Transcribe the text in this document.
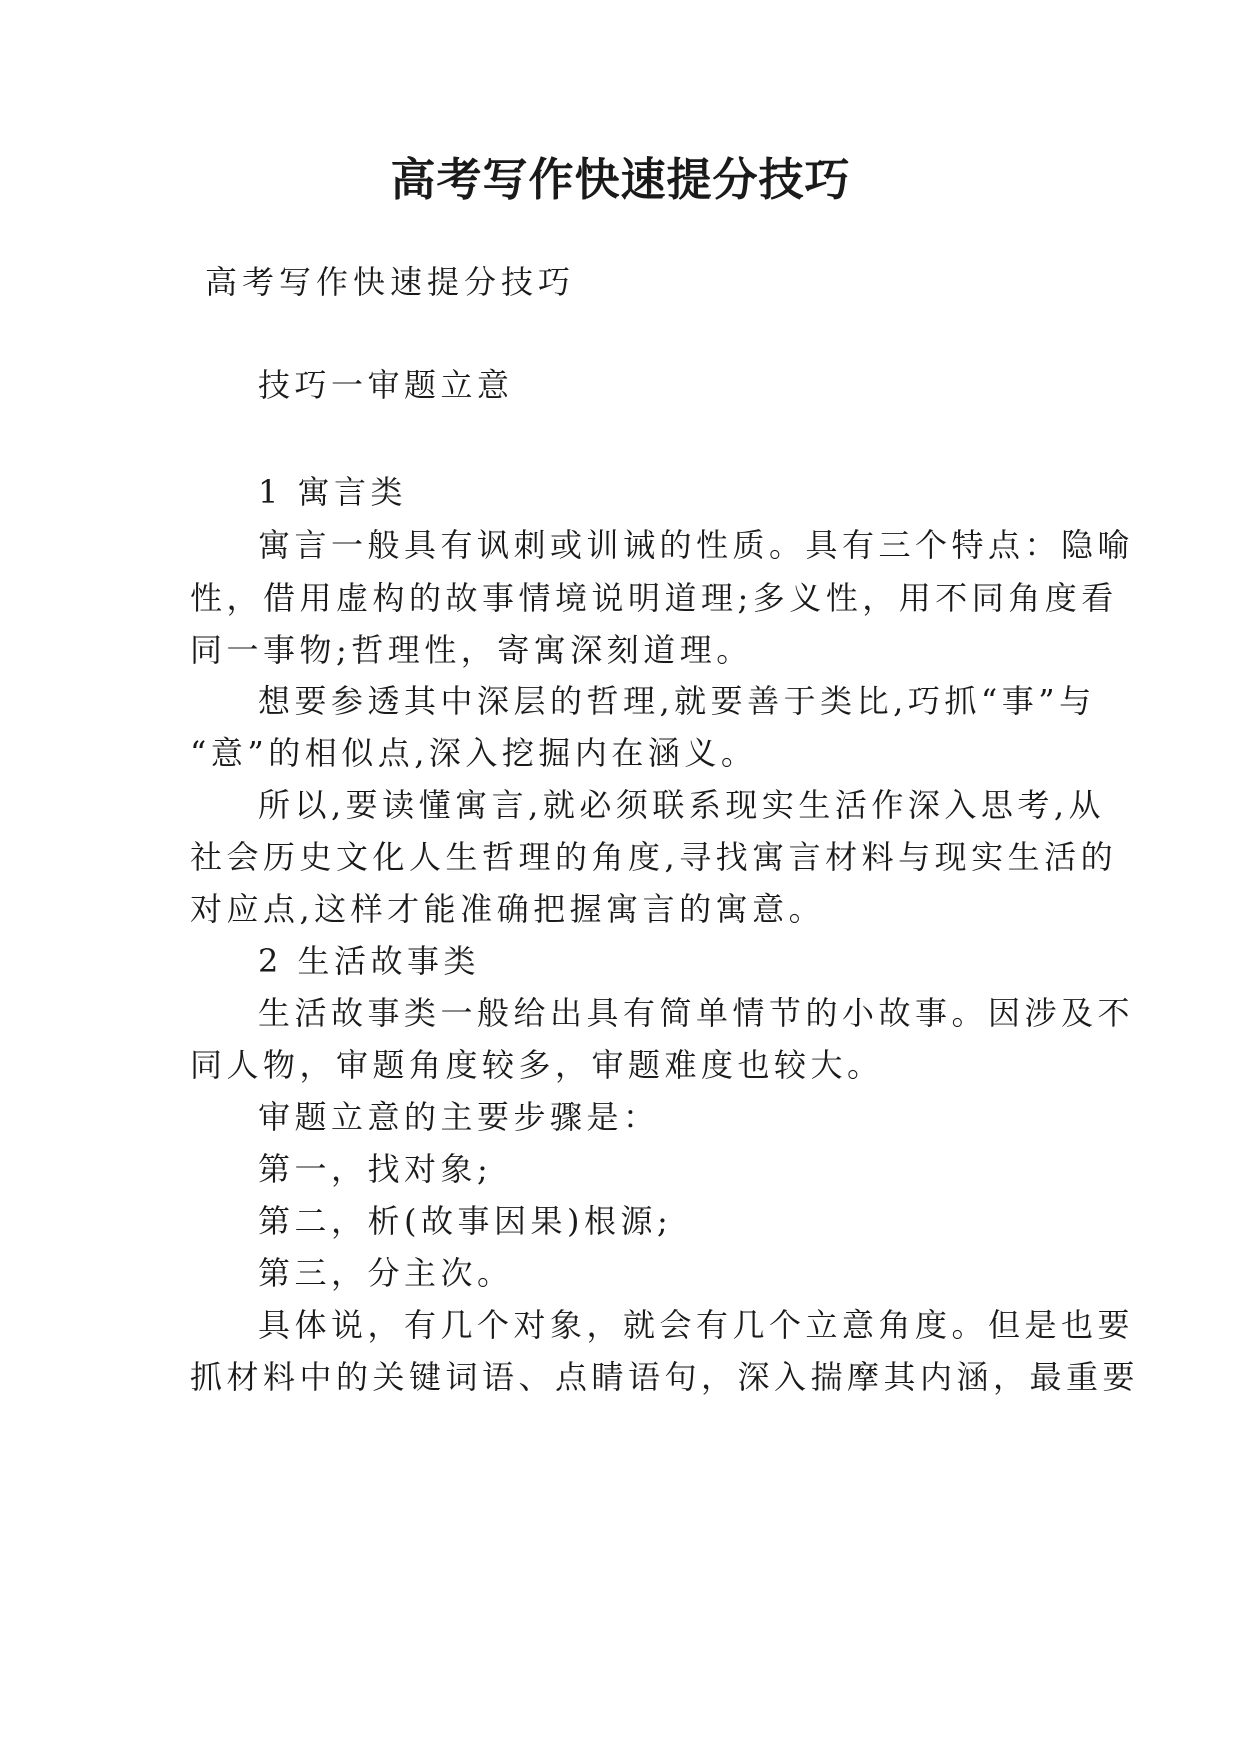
高考写作快速提分技巧

高考写作快速提分技巧

技巧一审题立意

1 寓言类

寓言一般具有讽刺或训诫的性质。具有三个特点：隐喻

性，借用虚构的故事情境说明道理;多义性，用不同角度看

同一事物;哲理性，寄寓深刻道理。

想要参透其中深层的哲理,就要善于类比,巧抓“事”与

“意”的相似点,深入挖掘内在涵义。

所以,要读懂寓言,就必须联系现实生活作深入思考,从

社会历史文化人生哲理的角度,寻找寓言材料与现实生活的

对应点,这样才能准确把握寓言的寓意。

2 生活故事类

生活故事类一般给出具有简单情节的小故事。因涉及不

同人物，审题角度较多，审题难度也较大。

审题立意的主要步骤是：

第一，找对象;

第二，析(故事因果)根源;

第三，分主次。

具体说，有几个对象，就会有几个立意角度。但是也要

抓材料中的关键词语、点睛语句，深入揣摩其内涵，最重要
